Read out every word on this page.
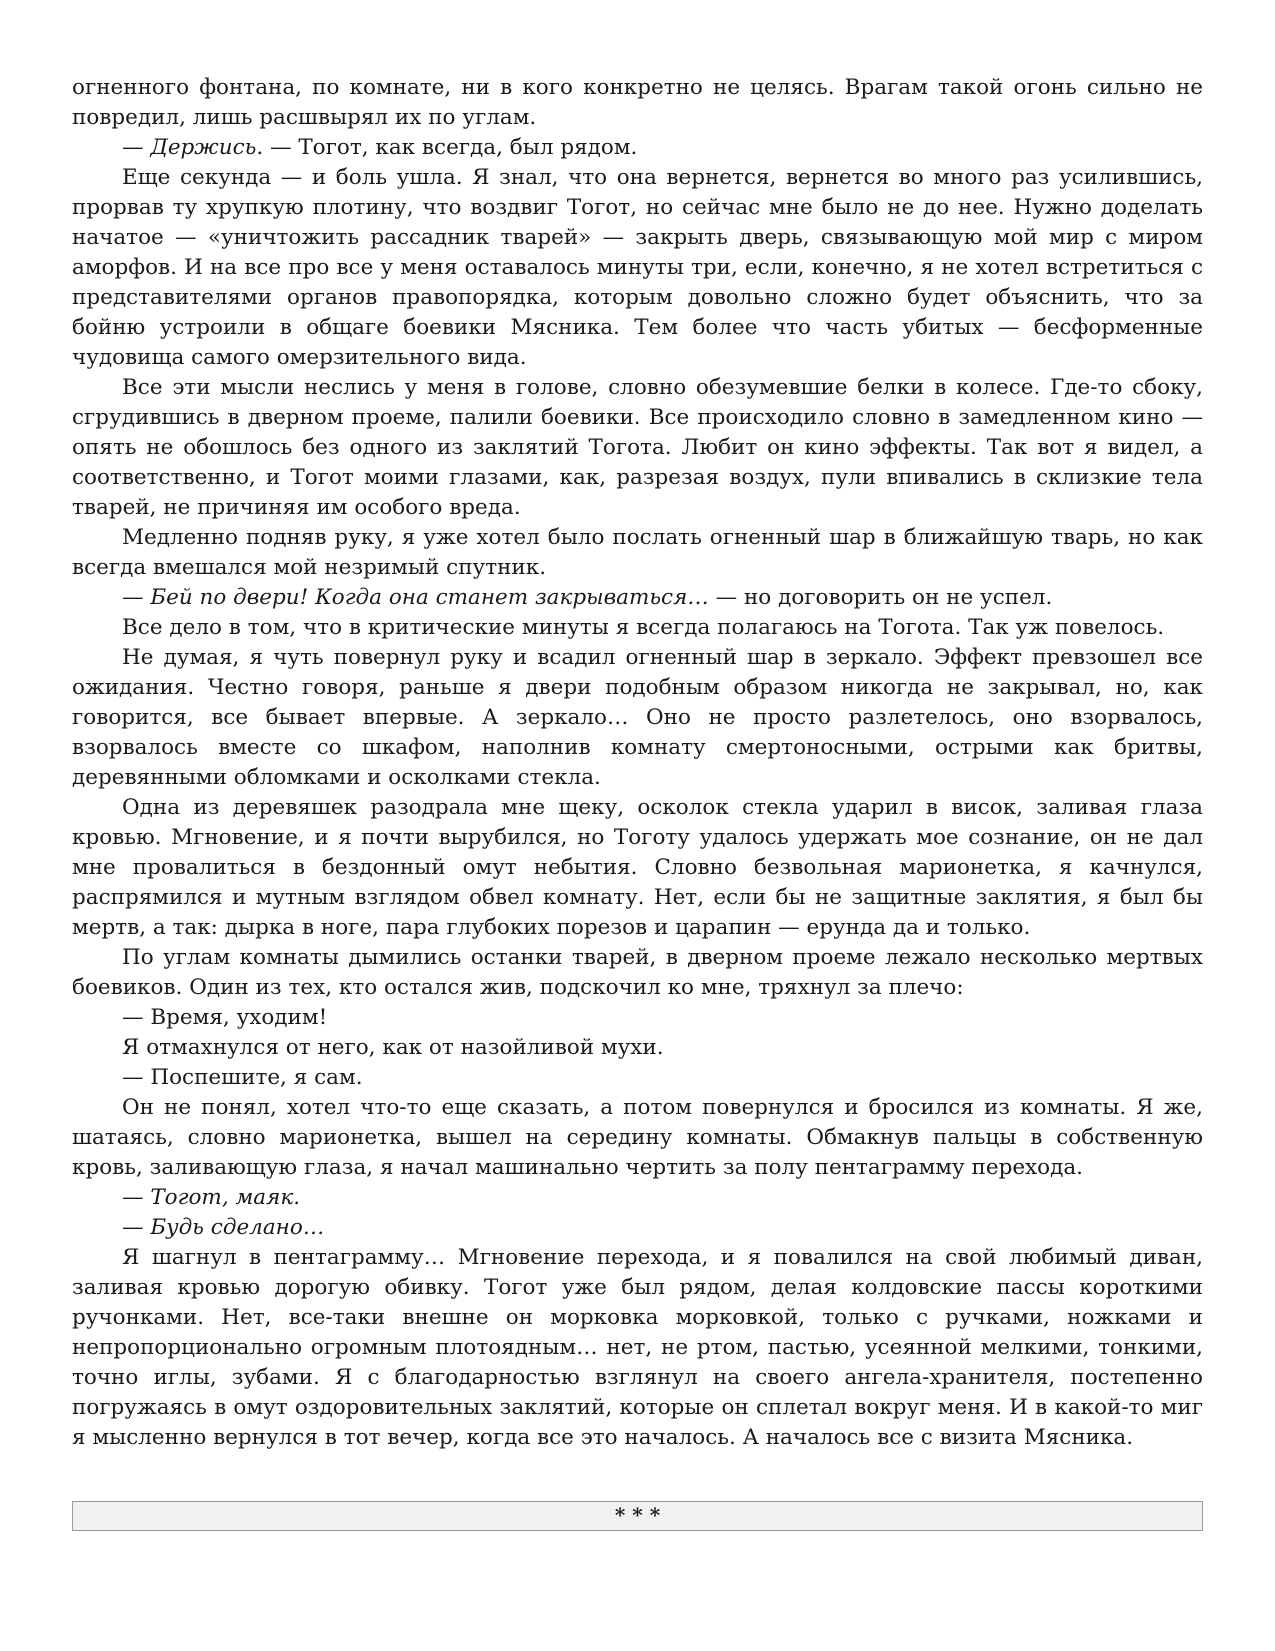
огненного фонтана, по комнате, ни в кого конкретно не целясь. Врагам такой огонь сильно не повредил, лишь расшвырял их по углам.

— Держись. — Тогот, как всегда, был рядом.

Еще секунда — и боль ушла. Я знал, что она вернется, вернется во много раз усилившись, прорвав ту хрупкую плотину, что воздвиг Тогот, но сейчас мне было не до нее. Нужно доделать начатое — «уничтожить рассадник тварей» — закрыть дверь, связывающую мой мир с миром аморфов. И на все про все у меня оставалось минуты три, если, конечно, я не хотел встретиться с представителями органов правопорядка, которым довольно сложно будет объяснить, что за бойню устроили в общаге боевики Мясника. Тем более что часть убитых — бесформенные чудовища самого омерзительного вида.

Все эти мысли неслись у меня в голове, словно обезумевшие белки в колесе. Где-то сбоку, сгрудившись в дверном проеме, палили боевики. Все происходило словно в замедленном кино — опять не обошлось без одного из заклятий Тогота. Любит он кино эффекты. Так вот я видел, а соответственно, и Тогот моими глазами, как, разрезая воздух, пули впивались в склизкие тела тварей, не причиняя им особого вреда.

Медленно подняв руку, я уже хотел было послать огненный шар в ближайшую тварь, но как всегда вмешался мой незримый спутник.

— Бей по двери! Когда она станет закрываться… — но договорить он не успел.

Все дело в том, что в критические минуты я всегда полагаюсь на Тогота. Так уж повелось.

Не думая, я чуть повернул руку и всадил огненный шар в зеркало. Эффект превзошел все ожидания. Честно говоря, раньше я двери подобным образом никогда не закрывал, но, как говорится, все бывает впервые. А зеркало… Оно не просто разлетелось, оно взорвалось, взорвалось вместе со шкафом, наполнив комнату смертоносными, острыми как бритвы, деревянными обломками и осколками стекла.

Одна из деревяшек разодрала мне щеку, осколок стекла ударил в висок, заливая глаза кровью. Мгновение, и я почти вырубился, но Тоготу удалось удержать мое сознание, он не дал мне провалиться в бездонный омут небытия. Словно безвольная марионетка, я качнулся, распрямился и мутным взглядом обвел комнату. Нет, если бы не защитные заклятия, я был бы мертв, а так: дырка в ноге, пара глубоких порезов и царапин — ерунда да и только.

По углам комнаты дымились останки тварей, в дверном проеме лежало несколько мертвых боевиков. Один из тех, кто остался жив, подскочил ко мне, тряхнул за плечо:

— Время, уходим!

Я отмахнулся от него, как от назойливой мухи.

— Поспешите, я сам.

Он не понял, хотел что-то еще сказать, а потом повернулся и бросился из комнаты. Я же, шатаясь, словно марионетка, вышел на середину комнаты. Обмакнув пальцы в собственную кровь, заливающую глаза, я начал машинально чертить за полу пентаграмму перехода.

— Тогот, маяк.

— Будь сделано…

Я шагнул в пентаграмму… Мгновение перехода, и я повалился на свой любимый диван, заливая кровью дорогую обивку. Тогот уже был рядом, делая колдовские пассы короткими ручонками. Нет, все-таки внешне он морковка морковкой, только с ручками, ножками и непропорционально огромным плотоядным… нет, не ртом, пастью, усеянной мелкими, тонкими, точно иглы, зубами. Я с благодарностью взглянул на своего ангела-хранителя, постепенно погружаясь в омут оздоровительных заклятий, которые он сплетал вокруг меня. И в какой-то миг я мысленно вернулся в тот вечер, когда все это началось. А началось все с визита Мясника.

* * *
